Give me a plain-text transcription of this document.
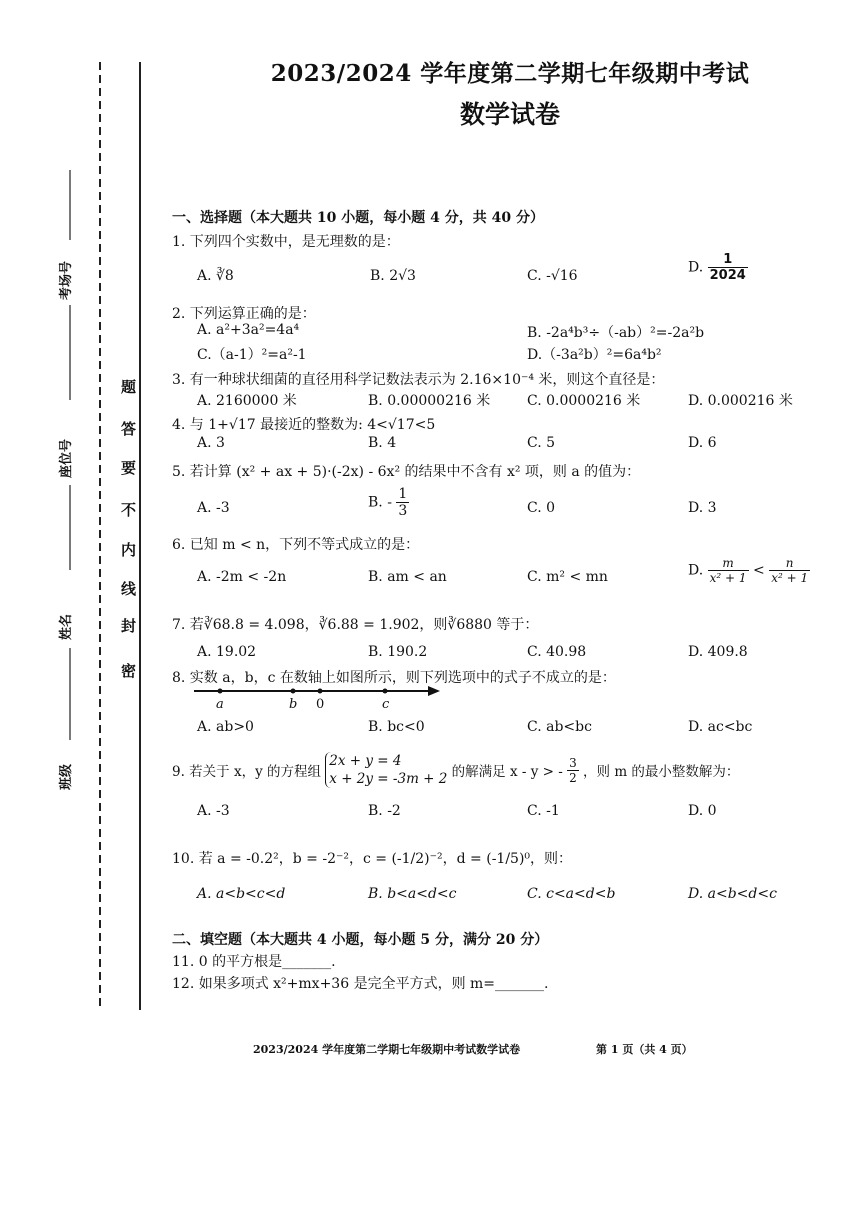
考场号
座位号
姓名
班级
密
封
线
内
不
要
答
题
2023/2024 学年度第二学期七年级期中考试
数学试卷
一、选择题（本大题共 10 小题，每小题 4 分，共 40 分）
1. 下列四个实数中，是无理数的是：
A. ∛8	B. 2√3	C. -√16
D. $\frac{1}{2024}$
2. 下列运算正确的是：
A. a²+3a²=4a⁴	B. -2a⁴b³÷（-ab）²=-2a²b
C.（a-1）²=a²-1	D.（-3a²b）²=6a⁴b²
3. 有一种球状细菌的直径用科学记数法表示为 2.16×10⁻⁴ 米，则这个直径是：
A. 2160000 米	B. 0.00000216 米	C. 0.0000216 米	D. 0.000216 米
4. 与 1+√17 最接近的整数为: 4<√17<5
A. 3	B. 4	C. 5	D. 6
5. 若计算 (x² + ax + 5)·(-2x) - 6x² 的结果中不含有 x² 项，则 a 的值为：
A. -3	B. - $\frac{1}{3}$	C. 0	D. 3
6. 已知 m < n，下列不等式成立的是：
A. -2m < -2n	B. am < an	C. m² < mn	D. $\frac{m}{\text{x² + 1}} < \frac{n}{\text{x² + 1}}$
7. 若∛68.8 = 4.098，∛6.88 = 1.902，则∛6880 等于：
A. 19.02	B. 190.2	C. 40.98	D. 409.8
8. 实数 a，b，c 在数轴上如图所示，则下列选项中的式子不成立的是：
a	b 0	c
A. ab>0	B. bc<0	C. ab<bc	D. ac<bc
9. 若关于 x，y 的方程组
2x + y = 4
x + 2y = -3m + 2 的解满足 x - y > - $\frac{3}{2}$ ，则 m 的最小整数解为：
A. -3	B. -2	C. -1	D. 0
10. 若 a = -0.2²，b = -2⁻²，c = (-1/2)⁻²，d = (-1/5)⁰，则：
A. a<b<c<d	B. b<a<d<c	C. c<a<d<b	D. a<b<d<c
二、填空题（本大题共 4 小题，每小题 5 分，满分 20 分）
11. 0 的平方根是_______.
12. 如果多项式 x²+mx+36 是完全平方式，则 m=_______.
2023/2024 学年度第二学期七年级期中考试数学试卷	第 1 页（共 4 页）
